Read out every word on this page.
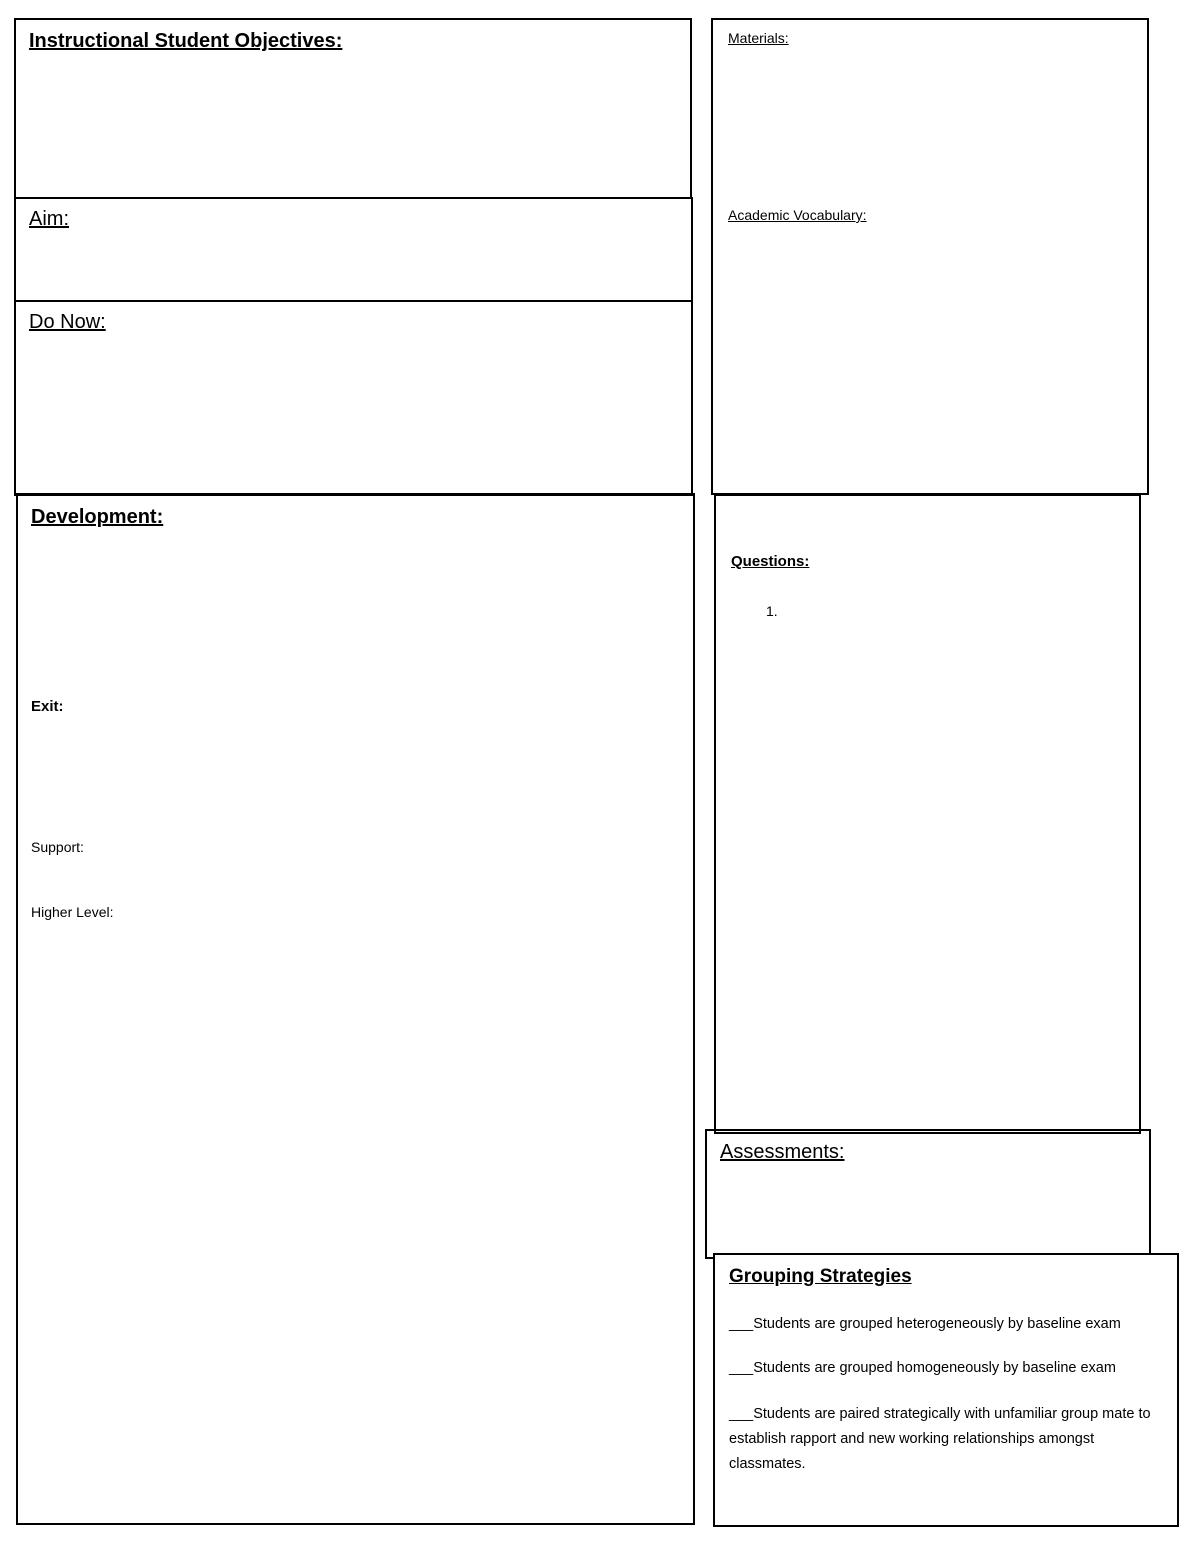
Instructional Student Objectives:
Aim:
Do Now:
Development:
Exit:
Support:
Higher Level:
Materials:
Academic Vocabulary:
Questions:
1.
Assessments:
Grouping Strategies
___Students are grouped heterogeneously by baseline exam
___Students are grouped homogeneously by baseline exam
___Students are paired strategically with unfamiliar group mate to establish rapport and new working relationships amongst classmates.
